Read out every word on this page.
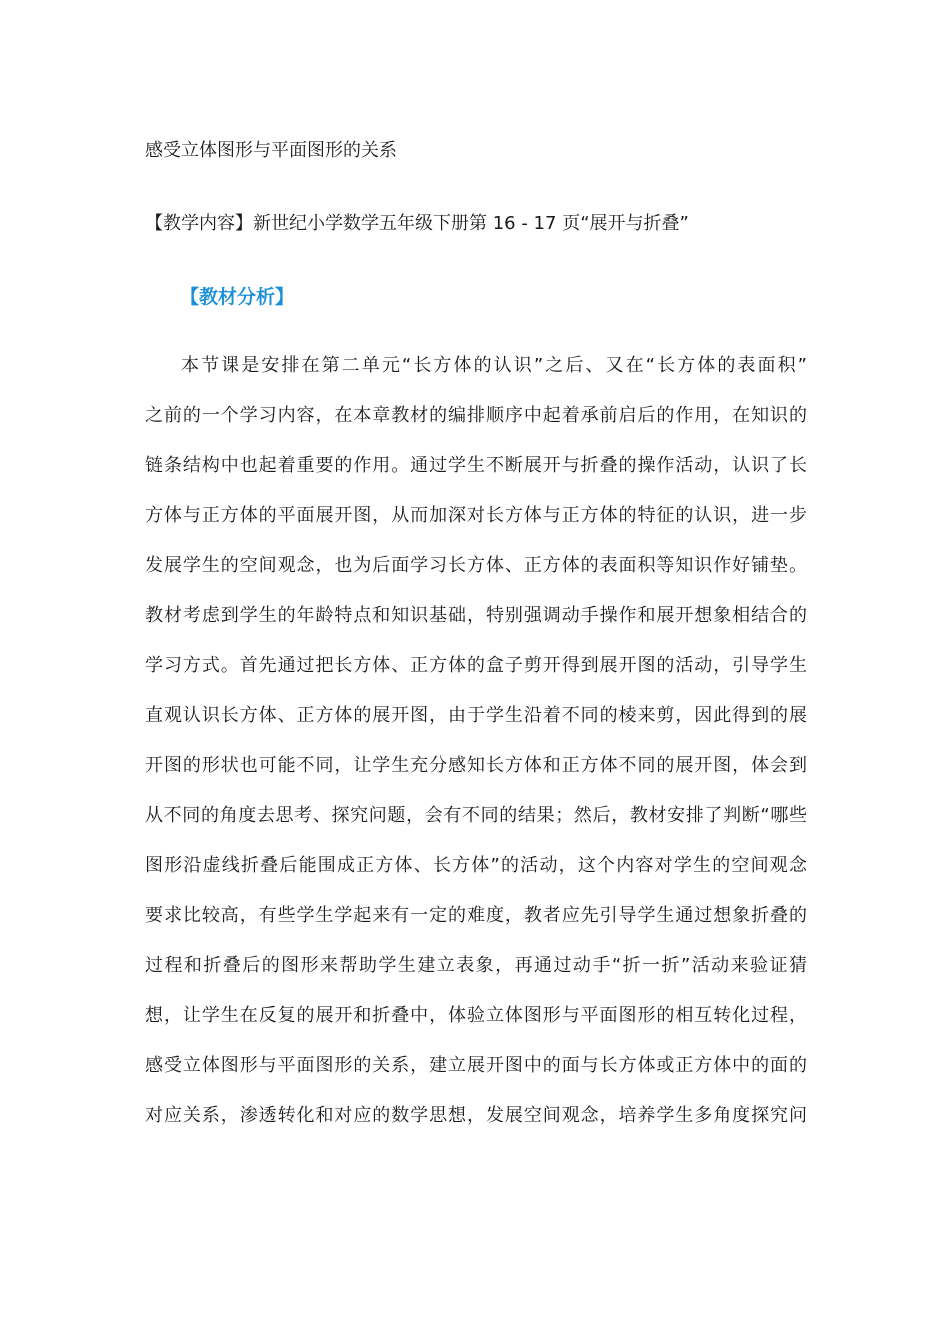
感受立体图形与平面图形的关系
【教学内容】新世纪小学数学五年级下册第 16 - 17 页“展开与折叠”
【教材分析】
本节课是安排在第二单元“长方体的认识”之后、又在“长方体的表面积”
之前的一个学习内容，在本章教材的编排顺序中起着承前启后的作用，在知识的
链条结构中也起着重要的作用。通过学生不断展开与折叠的操作活动，认识了长
方体与正方体的平面展开图，从而加深对长方体与正方体的特征的认识，进一步
发展学生的空间观念，也为后面学习长方体、正方体的表面积等知识作好铺垫。
教材考虑到学生的年龄特点和知识基础，特别强调动手操作和展开想象相结合的
学习方式。首先通过把长方体、正方体的盒子剪开得到展开图的活动，引导学生
直观认识长方体、正方体的展开图，由于学生沿着不同的棱来剪，因此得到的展
开图的形状也可能不同，让学生充分感知长方体和正方体不同的展开图，体会到
从不同的角度去思考、探究问题，会有不同的结果；然后，教材安排了判断“哪些
图形沿虚线折叠后能围成正方体、长方体”的活动，这个内容对学生的空间观念
要求比较高，有些学生学起来有一定的难度，教者应先引导学生通过想象折叠的
过程和折叠后的图形来帮助学生建立表象，再通过动手“折一折”活动来验证猜
想，让学生在反复的展开和折叠中，体验立体图形与平面图形的相互转化过程，
感受立体图形与平面图形的关系，建立展开图中的面与长方体或正方体中的面的
对应关系，渗透转化和对应的数学思想，发展空间观念，培养学生多角度探究问
